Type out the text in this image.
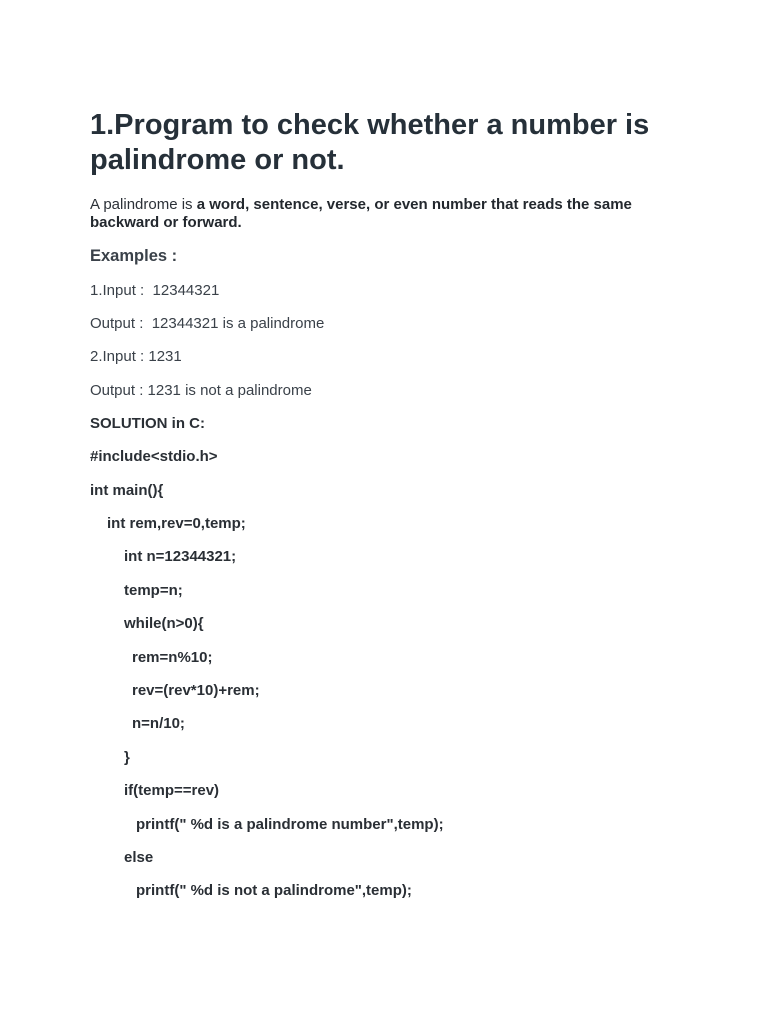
1.Program to check whether a number is palindrome or not.

A palindrome is a word, sentence, verse, or even number that reads the same backward or forward.

Examples :

1.Input :  12344321

Output :  12344321 is a palindrome

2.Input : 1231

Output : 1231 is not a palindrome

SOLUTION in C:

#include<stdio.h>

int main(){

int rem,rev=0,temp;

int n=12344321;

temp=n;

while(n>0){

rem=n%10;

rev=(rev*10)+rem;

n=n/10;

}

if(temp==rev)

printf(" %d is a palindrome number",temp);

else

printf(" %d is not a palindrome",temp);
